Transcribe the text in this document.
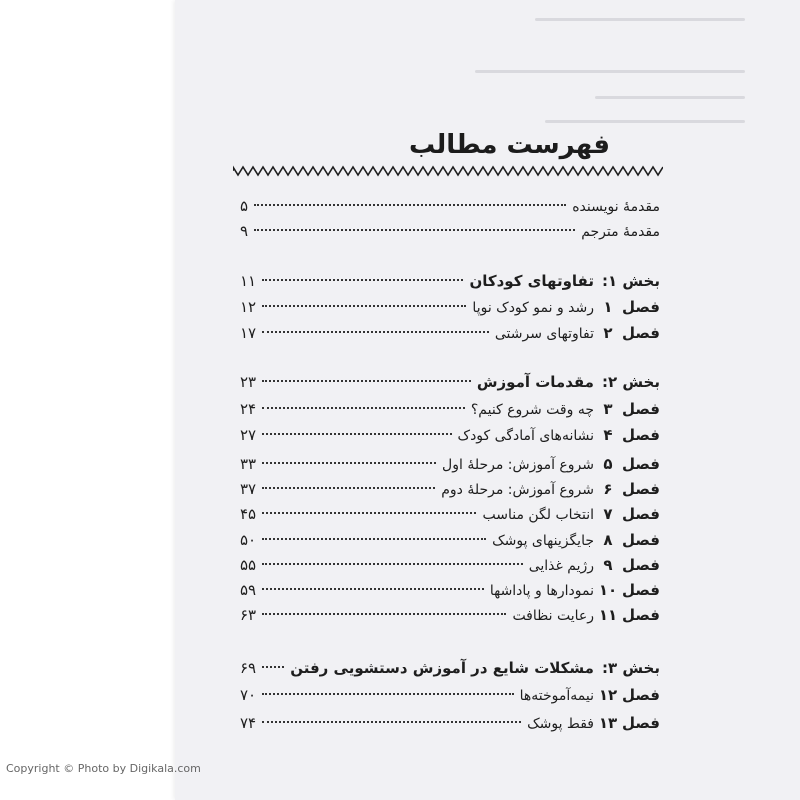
فهرست مطالب
مقدمهٔ نویسنده
۵
مقدمهٔ مترجم
۹
بخش ۱:
تفاوتهای کودکان
۱۱
فصل
۱
رشد و نمو کودک نوپا
۱۲
فصل
۲
تفاوتهای سرشتی
۱۷
بخش ۲:
مقدمات آموزش
۲۳
فصل
۳
چه وقت شروع کنیم؟
۲۴
فصل
۴
نشانه‌های آمادگی کودک
۲۷
فصل
۵
شروع آموزش: مرحلهٔ اول
۳۳
فصل
۶
شروع آموزش: مرحلهٔ دوم
۳۷
فصل
۷
انتخاب لگن مناسب
۴۵
فصل
۸
جایگزینهای پوشک
۵۰
فصل
۹
رژیم غذایی
۵۵
فصل
۱۰
نمودارها و پاداشها
۵۹
فصل
۱۱
رعایت نظافت
۶۳
بخش ۳:
مشکلات شایع در آموزش دستشویی رفتن
۶۹
فصل
۱۲
نیمه‌آموخته‌ها
۷۰
فصل
۱۳
فقط پوشک
۷۴
Copyright © Photo by Digikala.com
